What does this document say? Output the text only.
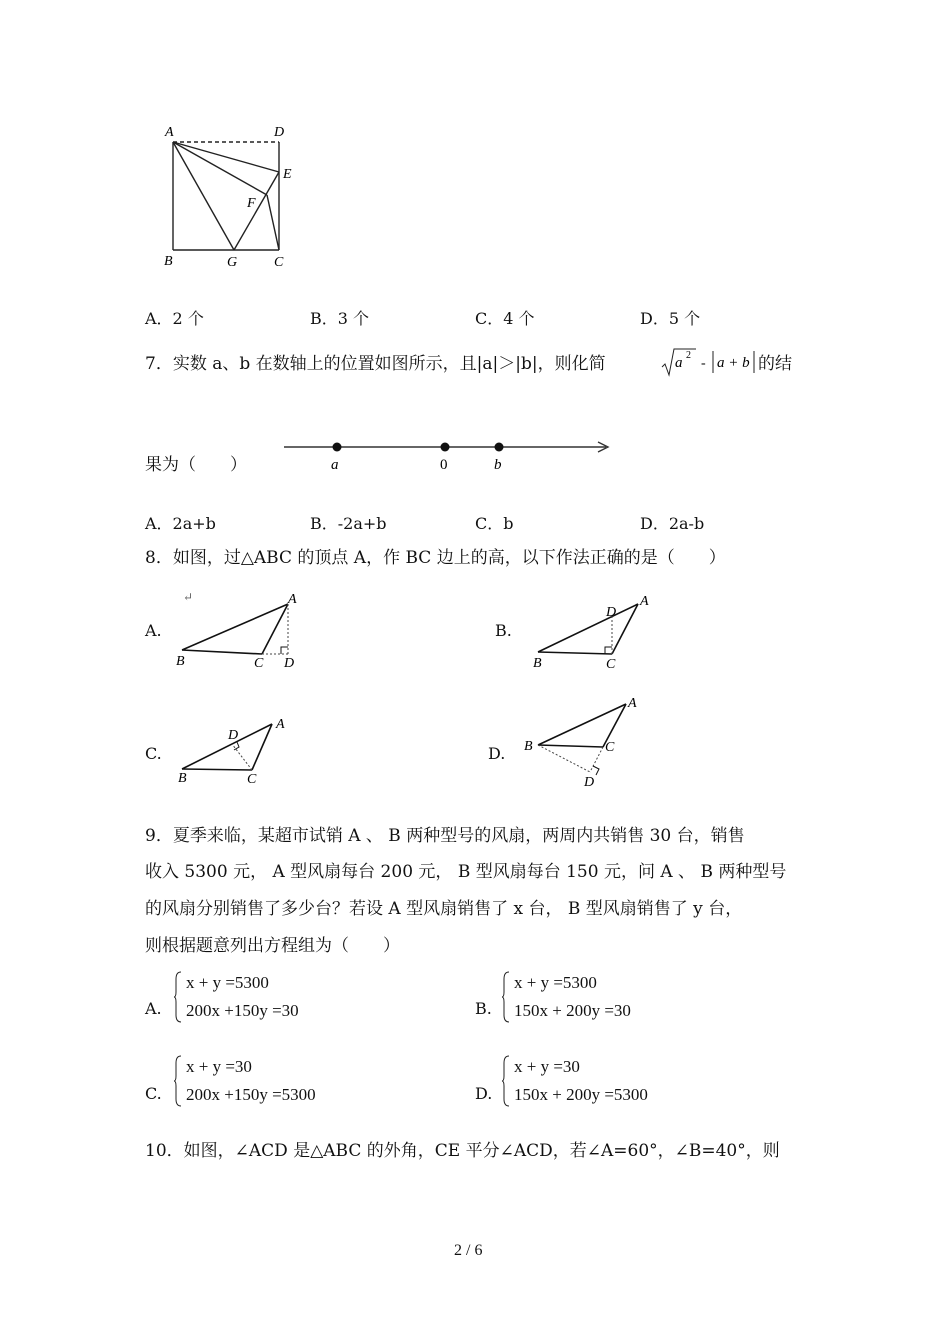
A	D
E
F
B	G	C
A．2 个	B．3 个	C．4 个	D．5 个
7．实数 a、b 在数轴上的位置如图所示，且|a|＞|b|，则化简	a 2
- a + b 的结
果为（　　）	a	0	b
A．2a+b	B．-2a+b	C．b	D．2a-b
8．如图，过△ABC 的顶点 A，作 BC 边上的高，以下作法正确的是（　　）
A.
↵	A
B	C D
B.
A
D
B	C
C.
A
D
B	C
D.
A
B	C
D
9．夏季来临，某超市试销 A 、 B 两种型号的风扇，两周内共销售 30 台，销售
收入 5300 元， A 型风扇每台 200 元， B 型风扇每台 150 元，问 A 、 B 两种型号
的风扇分别销售了多少台？若设 A 型风扇销售了 x 台， B 型风扇销售了 y 台，
则根据题意列出方程组为（　　）
A.
x + y =5300
200x +150y =30	B.
x + y =5300
150x + 200y =30
C.
x + y =30
200x +150y =5300	D.
x + y =30
150x + 200y =5300
10．如图，∠ACD 是△ABC 的外角，CE 平分∠ACD，若∠A=60°，∠B=40°，则
2 / 6
